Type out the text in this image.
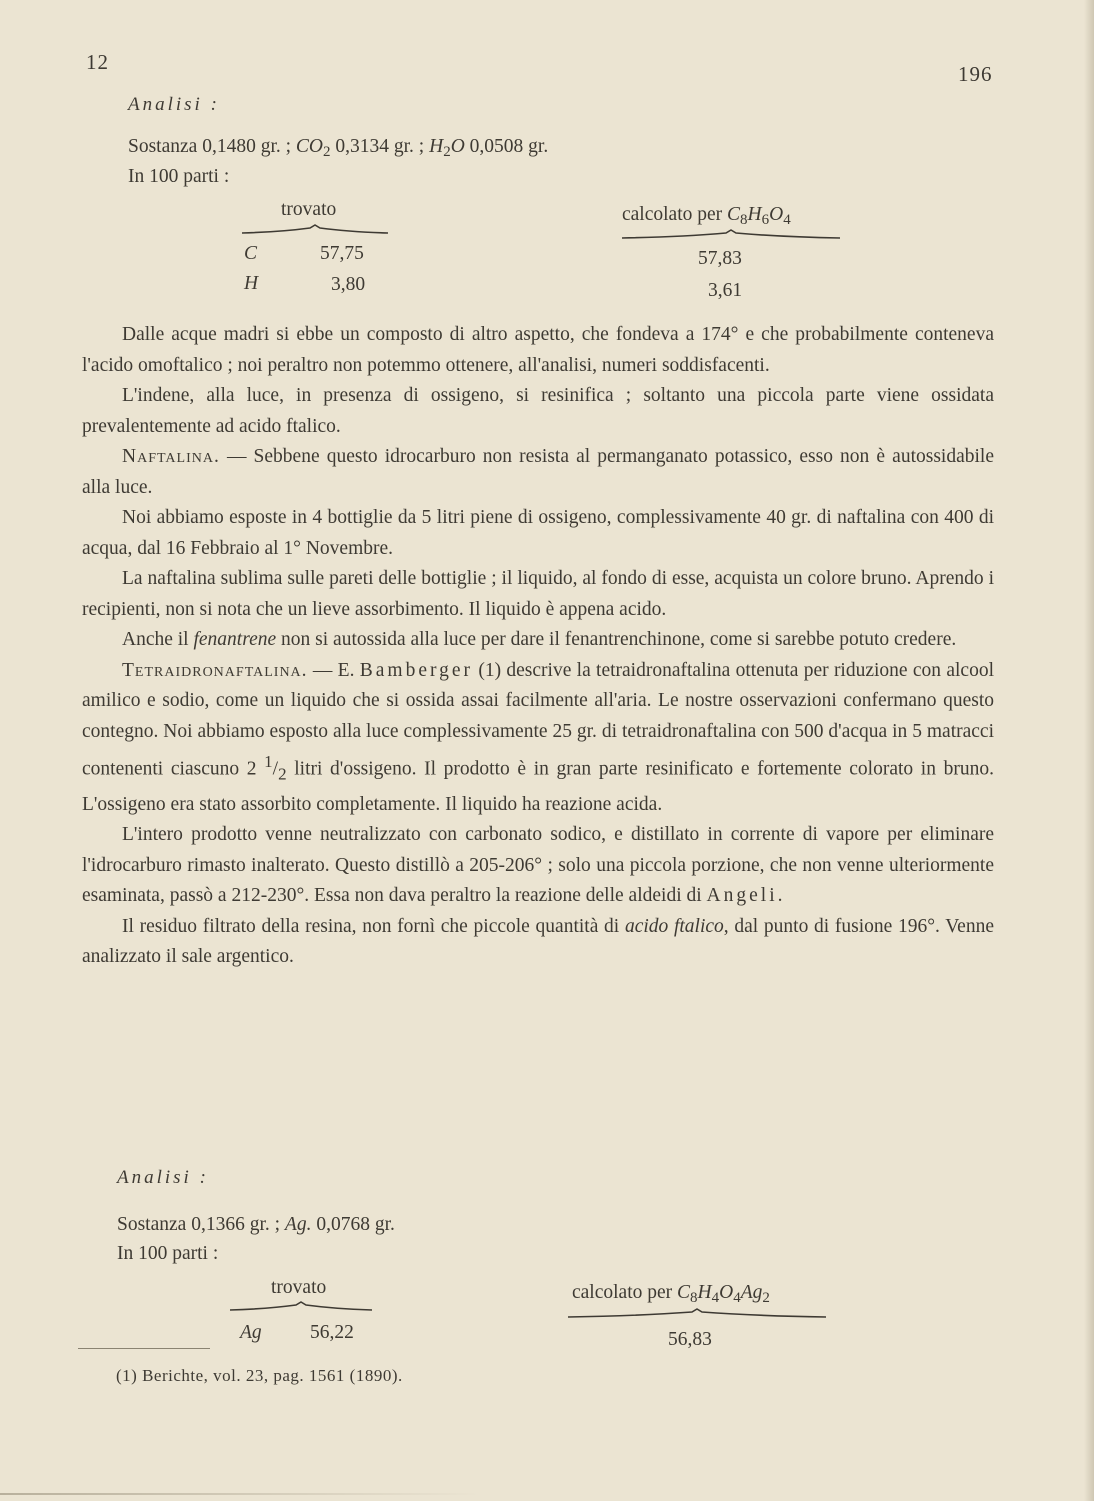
12	196
Analisi :
Sostanza 0,1480 gr. ; $CO_2$ 0,3134 gr. ; $H_2O$ 0,0508 gr.
In 100 parti :
trovato	calcolato per $C_8H_6O_4$
C	57,75	57,83
H	3,80	3,61

Dalle acque madri si ebbe un composto di altro aspetto, che fondeva a 174° e che probabilmente conteneva l'acido omoftalico ; noi peraltro non potemmo ottenere, all'analisi, numeri soddisfacenti.

L'indene, alla luce, in presenza di ossigeno, si resinifica ; soltanto una piccola parte viene ossidata prevalentemente ad acido ftalico.

Naftalina. — Sebbene questo idrocarburo non resista al permanganato potassico, esso non è autossidabile alla luce.

Noi abbiamo esposte in 4 bottiglie da 5 litri piene di ossigeno, complessivamente 40 gr. di naftalina con 400 di acqua, dal 16 Febbraio al 1° Novembre.

La naftalina sublima sulle pareti delle bottiglie ; il liquido, al fondo di esse, acquista un colore bruno. Aprendo i recipienti, non si nota che un lieve assorbimento. Il liquido è appena acido.

Anche il fenantrene non si autossida alla luce per dare il fenantrenchinone, come si sarebbe potuto credere.

Tetraidronaftalina. — E. Bamberger (1) descrive la tetraidronaftalina ottenuta per riduzione con alcool amilico e sodio, come un liquido che si ossida assai facilmente all'aria. Le nostre osservazioni confermano questo contegno. Noi abbiamo esposto alla luce complessivamente 25 gr. di tetraidronaftalina con 500 d'acqua in 5 matracci contenenti ciascuno 2 $^1/_2$ litri d'ossigeno. Il prodotto è in gran parte resinificato e fortemente colorato in bruno. L'ossigeno era stato assorbito completamente. Il liquido ha reazione acida.

L'intero prodotto venne neutralizzato con carbonato sodico, e distillato in corrente di vapore per eliminare l'idrocarburo rimasto inalterato. Questo distillò a 205-206° ; solo una piccola porzione, che non venne ulteriormente esaminata, passò a 212-230°. Essa non dava peraltro la reazione delle aldeidi di Angeli.

Il residuo filtrato della resina, non fornì che piccole quantità di acido ftalico, dal punto di fusione 196°. Venne analizzato il sale argentico.

Analisi :
Sostanza 0,1366 gr. ; Ag. 0,0768 gr.
In 100 parti :
trovato	calcolato per $C_8H_4O_4Ag_2$
Ag 56,22	56,83
(1) Berichte, vol. 23, pag. 1561 (1890).
